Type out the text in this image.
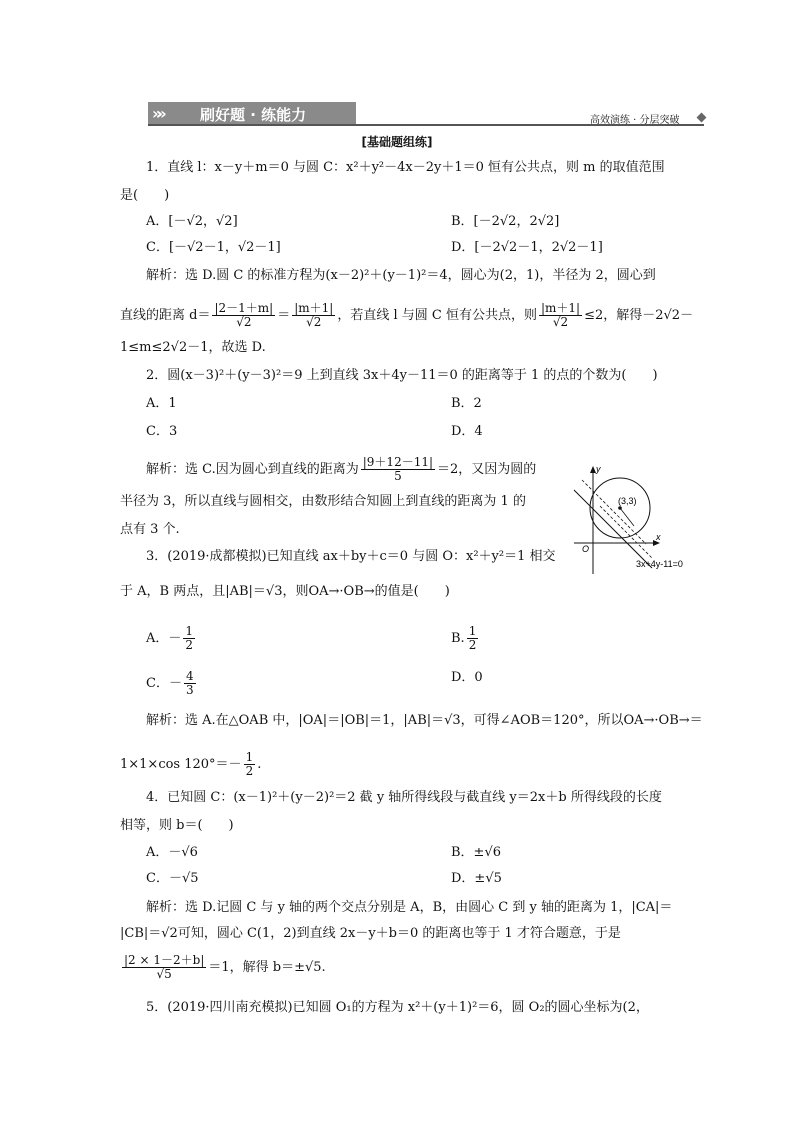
»»	刷好题 · 练能力	高效演练 · 分层突破
[基础题组练]
1．直线 l：x－y＋m＝0 与圆 C：x²＋y²－4x－2y＋1＝0 恒有公共点，则 m 的取值范围
是(　　)
A．[－√2，√2]	B．[－2√2，2√2]
C．[－√2－1，√2－1]	D．[－2√2－1，2√2－1]
解析：选 D.圆 C 的标准方程为(x－2)²＋(y－1)²＝4，圆心为(2，1)，半径为 2，圆心到
直线的距离 $d= \frac{|2-1+m|}{√2} = \frac{|m+1|}{√2}$ ，若直线 l 与圆 C 恒有公共点，则 $\frac{|m+1|}{√2} \le 2$，解得－2√2－
1≤m≤2√2－1，故选 D.
2．圆(x－3)²＋(y－3)²＝9 上到直线 3x＋4y－11＝0 的距离等于 1 的点的个数为(　　)
A．1	B．2
C．3	D．4
解析：选 C.因为圆心到直线的距离为 $\frac{|9+12-11|}{5} =2$，又因为圆的
半径为 3，所以直线与圆相交，由数形结合知圆上到直线的距离为 1 的
点有 3 个.
y
x
O
(3,3)
3x+4y-11=0
3．(2019·成都模拟)已知直线 ax＋by＋c＝0 与圆 O：x²＋y²＝1 相交
于 A，B 两点，且|AB|＝√3，则OA→·OB→的值是(　　)
A．－ $\frac{1}{2}$	B. $\frac{1}{2}$
C．－ $\frac{4}{3}$	D．0
解析：选 A.在△OAB 中，|OA|＝|OB|＝1，|AB|＝√3，可得∠AOB＝120°，所以OA→·OB→＝
1×1×cos $120^\circ=- \frac{1}{2}$ .
4．已知圆 C：(x－1)²＋(y－2)²＝2 截 y 轴所得线段与截直线 y＝2x＋b 所得线段的长度
相等，则 b＝(　　)
A．－√6	B．±√6
C．－√5	D．±√5
解析：选 D.记圆 C 与 y 轴的两个交点分别是 A，B，由圆心 C 到 y 轴的距离为 1，|CA|＝
|CB|＝√2可知，圆心 C(1，2)到直线 2x－y＋b＝0 的距离也等于 1 才符合题意，于是
$\frac{|2 \times 1-2+b|}{√5} =1$，解得 b＝±√5.
5．(2019·四川南充模拟)已知圆 O₁的方程为 x²＋(y＋1)²＝6，圆 O₂的圆心坐标为(2，
